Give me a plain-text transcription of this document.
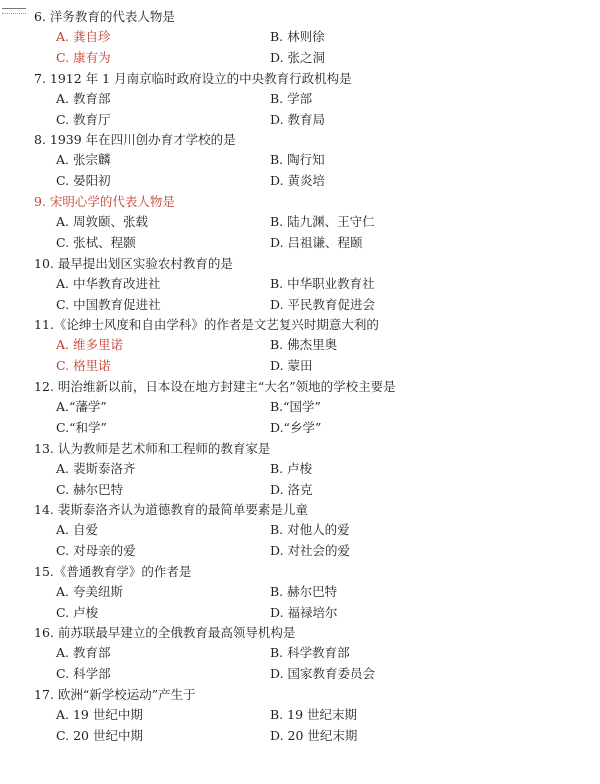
6. 洋务教育的代表人物是
A. 龚自珍	B. 林则徐
C. 康有为	D. 张之洞
7. 1912 年 1 月南京临时政府设立的中央教育行政机构是
A. 教育部	B. 学部
C. 教育厅	D. 教育局
8. 1939 年在四川创办育才学校的是
A. 张宗麟	B. 陶行知
C. 晏阳初	D. 黄炎培
9. 宋明心学的代表人物是
A. 周敦颐、张载	B. 陆九渊、王守仁
C. 张栻、程颢	D. 吕祖谦、程颐
10. 最早提出划区实验农村教育的是
A. 中华教育改进社	B. 中华职业教育社
C. 中国教育促进社	D. 平民教育促进会
11.《论绅士风度和自由学科》的作者是文艺复兴时期意大利的
A. 维多里诺	B. 佛杰里奥
C. 格里诺	D. 蒙田
12. 明治维新以前，日本设在地方封建主“大名”领地的学校主要是
A.“藩学”	B.“国学”
C.“和学”	D.“乡学”
13. 认为教师是艺术师和工程师的教育家是
A. 裴斯泰洛齐	B. 卢梭
C. 赫尔巴特	D. 洛克
14. 裴斯泰洛齐认为道德教育的最简单要素是儿童
A. 自爱	B. 对他人的爱
C. 对母亲的爱	D. 对社会的爱
15.《普通教育学》的作者是
A. 夸美纽斯	B. 赫尔巴特
C. 卢梭	D. 福禄培尔
16. 前苏联最早建立的全俄教育最高领导机构是
A. 教育部	B. 科学教育部
C. 科学部	D. 国家教育委员会
17. 欧洲“新学校运动”产生于
A. 19 世纪中期	B. 19 世纪末期
C. 20 世纪中期	D. 20 世纪末期
